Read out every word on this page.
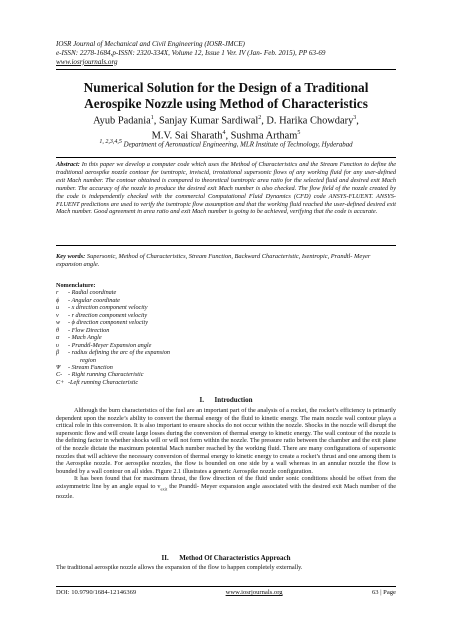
IOSR Journal of Mechanical and Civil Engineering (IOSR-JMCE)
e-ISSN: 2278-1684,p-ISSN: 2320-334X, Volume 12, Issue 1 Ver. IV (Jan- Feb. 2015), PP 63-69
www.iosrjournals.org
Numerical Solution for the Design of a Traditional Aerospike Nozzle using Method of Characteristics
Ayub Padania$^1$, Sanjay Kumar Sardiwal$^2$, D. Harika Chowdary$^3$,
M.V. Sai Sharath$^4$, Sushma Artham$^5$
$^{1, 2,3,4,5}$ Department of Aeronautical Engineering, MLR Institute of Technology, Hyderabad
Abstract: In this paper we develop a computer code which uses the Method of Characteristics and the Stream Function to define the traditional aerospike nozzle contour for isentropic, inviscid, irrotational supersonic flows of any working fluid for any user-defined exit Mach number. The contour obtained is compared to theoretical isentropic area ratio for the selected fluid and desired exit Mach number. The accuracy of the nozzle to produce the desired exit Mach number is also checked. The flow field of the nozzle created by the code is independently checked with the commercial Computational Fluid Dynamics (CFD) code ANSYS-FLUENT. ANSYS- FLUENT predictions are used to verify the isentropic flow assumption and that the working fluid reached the user-defined desired exit Mach number. Good agreement in area ratio and exit Mach number is going to be achieved, verifying that the code is accurate.
Key words: Supersonic, Method of Characteristics, Stream Function, Backward Characteristic, Isentropic, Prandtl- Meyer expansion angle.
Nomenclature:
r	- Radial coordinate
ϕ	- Angular coordinate
u	- x direction component velocity
v	- r direction component velocity
w	- ϕ direction component velocity
θ	- Flow Direction
α	- Mach Angle
υ	- Prandtl-Meyer Expansion angle
β	- radius defining the arc of the expansion
region
Ψ	- Stream Function
C- - Right running Characteristic
C+ -Left running Characteristic
I.      Introduction

Although the burn characteristics of the fuel are an important part of the analysis of a rocket, the rocket’s efficiency is primarily dependent upon the nozzle’s ability to convert the thermal energy of the fluid to kinetic energy. The main nozzle wall contour plays a critical role in this conversion. It is also important to ensure shocks do not occur within the nozzle. Shocks in the nozzle will disrupt the supersonic flow and will create large losses during the conversion of thermal energy to kinetic energy. The wall contour of the nozzle is the defining factor in whether shocks will or will not form within the nozzle. The pressure ratio between the chamber and the exit plane of the nozzle dictate the maximum potential Mach number reached by the working fluid. There are many configurations of supersonic nozzles that will achieve the necessary conversion of thermal energy to kinetic energy to create a rocket’s thrust and one among them is the Aerospike nozzle. For aerospike nozzles, the flow is bounded on one side by a wall whereas in an annular nozzle the flow is bounded by a wall contour on all sides. Figure 2.1 illustrates a generic Aerospike nozzle configuration.

It has been found that for maximum thrust, the flow direction of the fluid under sonic conditions should be offset from the axisymmetric line by an angle equal to $v_{exit}$ the Prandtl- Meyer expansion angle associated with the desired exit Mach number of the nozzle.

II.      Method Of Characteristics Approach

The traditional aerospike nozzle allows the expansion of the flow to happen completely externally.

DOI: 10.9790/1684-12146369	www.iosrjournals.org	63 | Page
